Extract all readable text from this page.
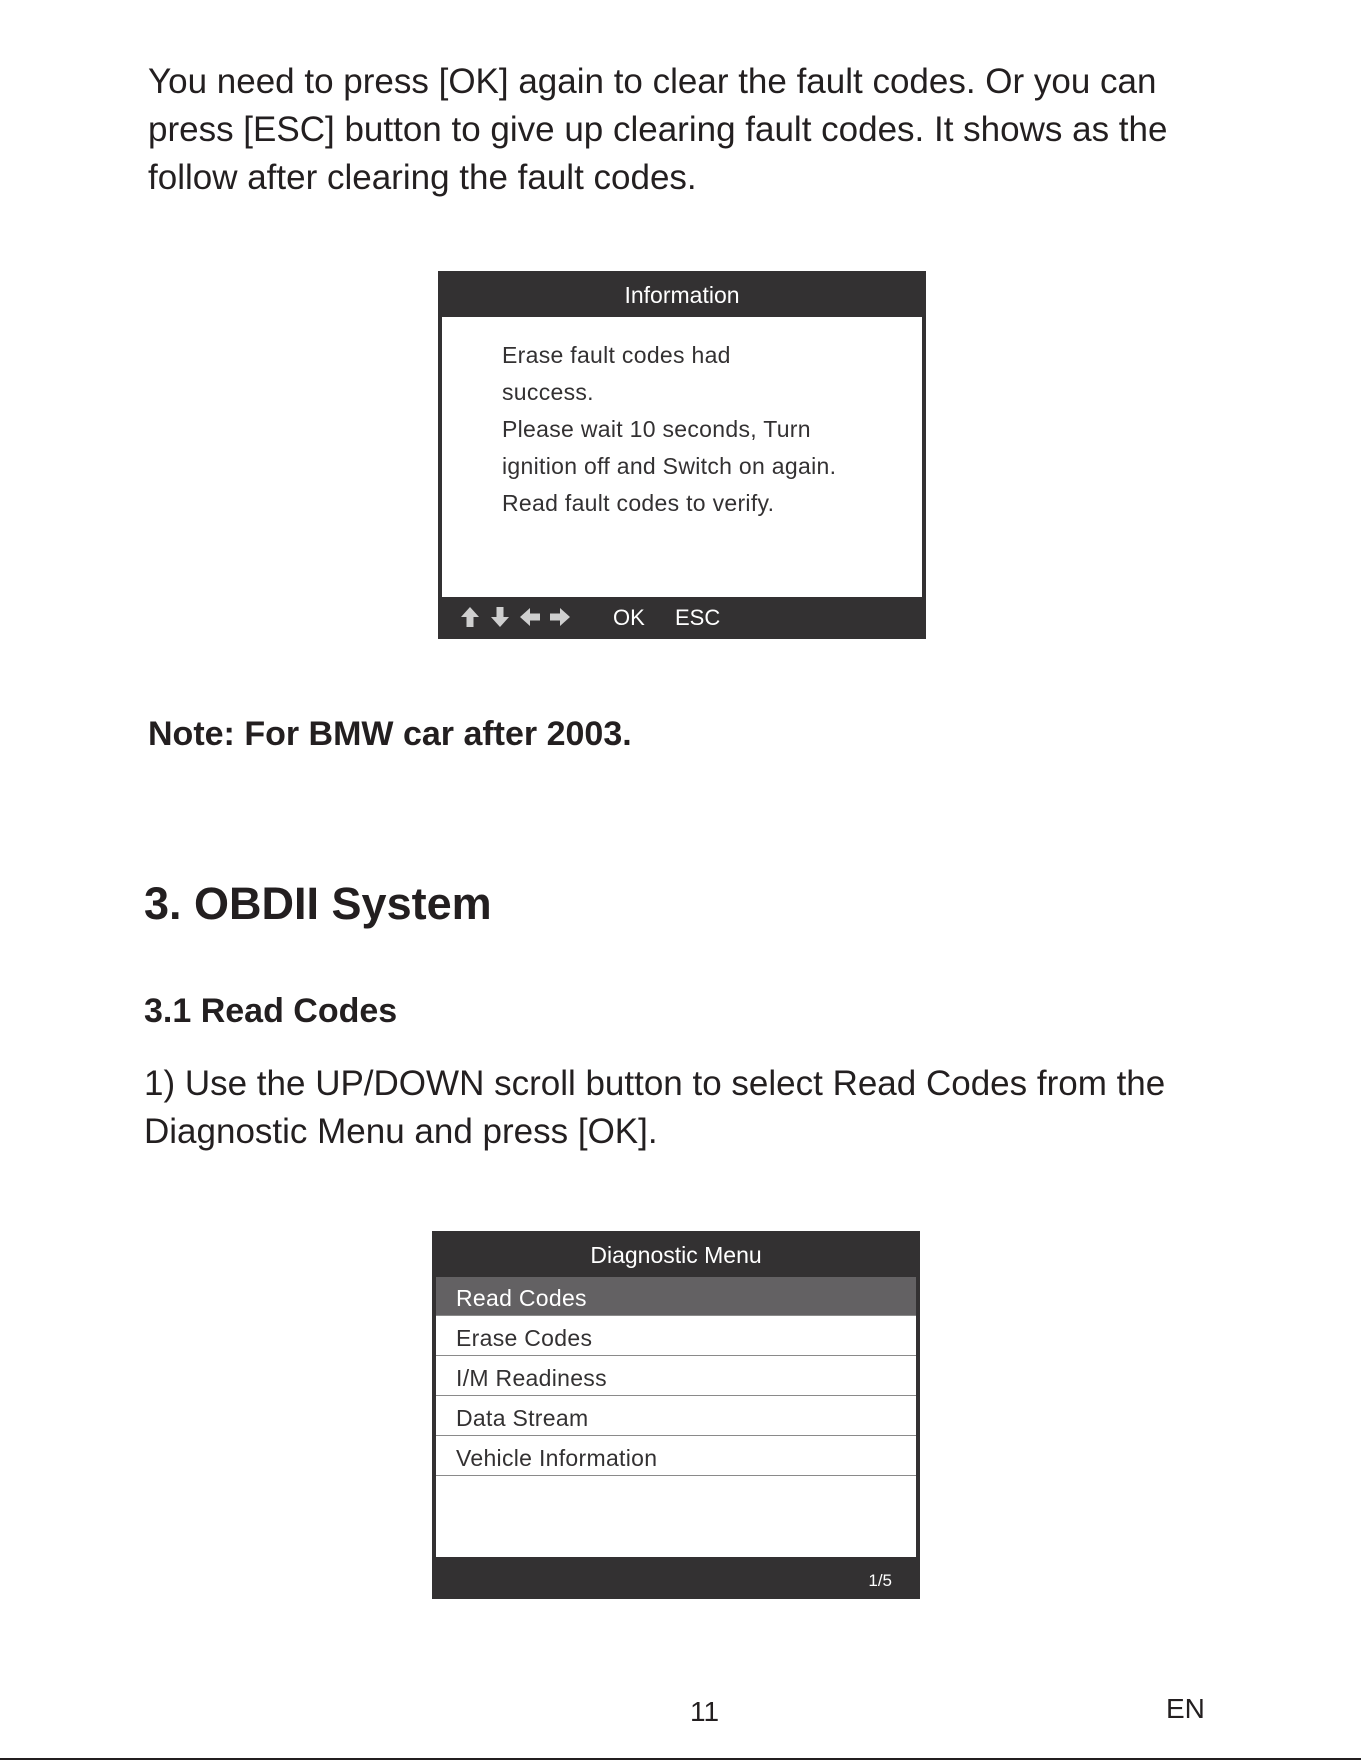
You need to press [OK] again to clear the fault codes. Or you can press [ESC] button to give up clearing fault codes. It shows as the follow after clearing the fault codes.

Information

Erase fault codes had
success.
Please wait 10 seconds, Turn
ignition off and Switch on again.
Read fault codes to verify.

OK ESC

Note: For BMW car after 2003.

3. OBDII System
3.1 Read Codes

1) Use the UP/DOWN scroll button to select Read Codes from the Diagnostic Menu and press [OK].

Diagnostic Menu
Read Codes
Erase Codes
I/M Readiness
Data Stream
Vehicle Information
1/5
11	EN
